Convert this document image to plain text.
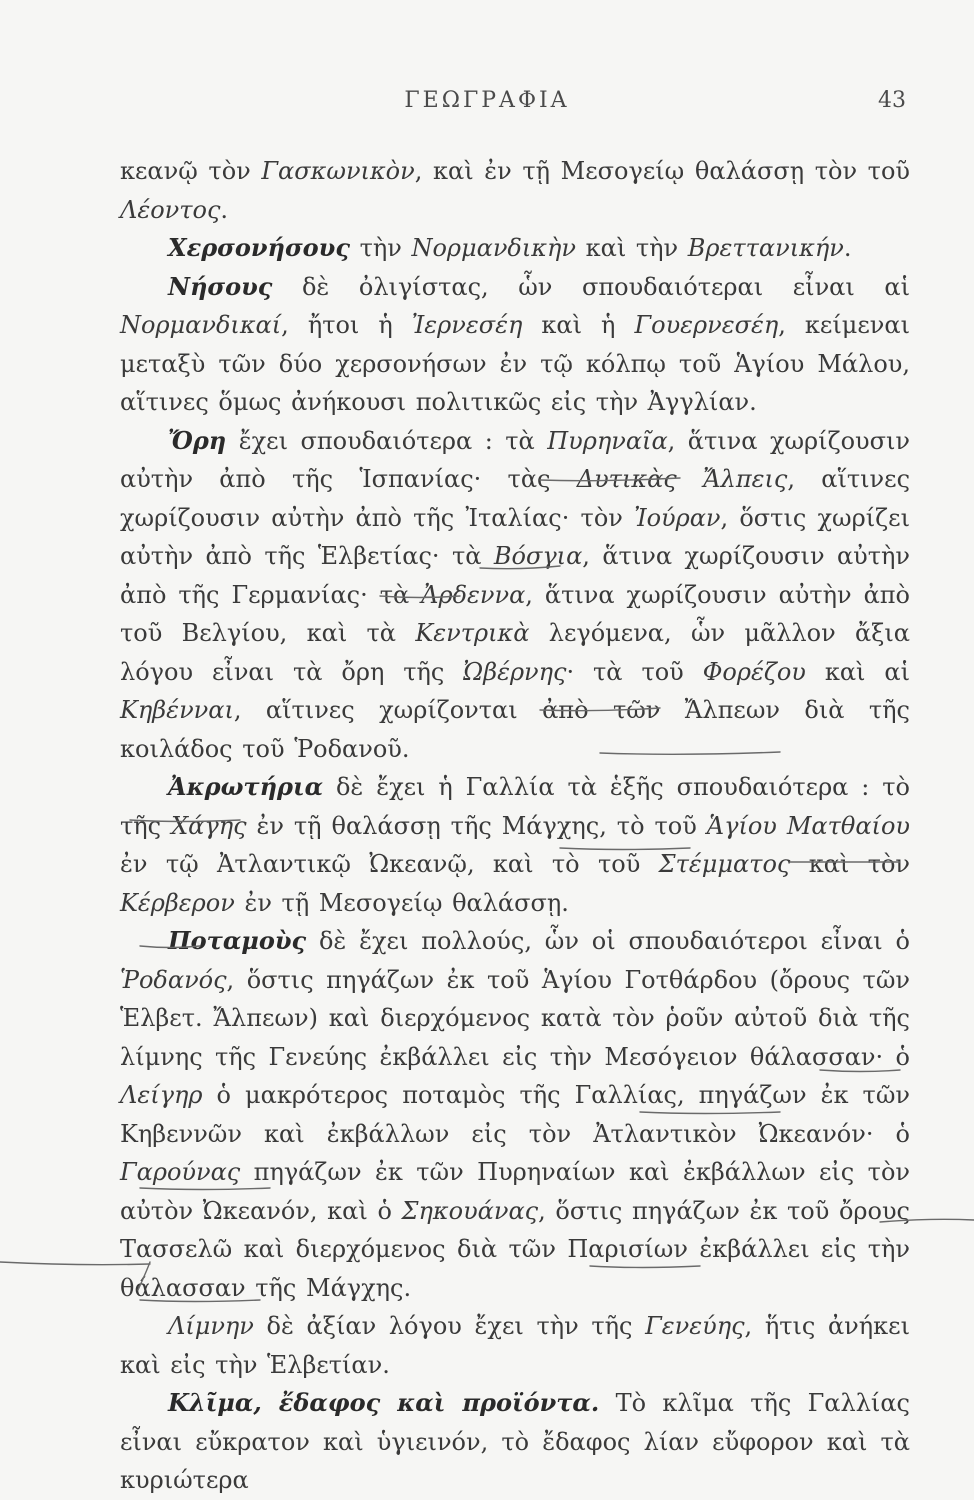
ΓΕΩΓΡΑΦΙΑ	43

κεανῷ τὸν Γασκωνικὸν, καὶ ἐν τῇ Μεσογείῳ θαλάσσῃ τὸν τοῦ Λέοντος.

Χερσονήσους τὴν Νορμανδικὴν καὶ τὴν Βρεττανικήν.

Νήσους δὲ ὀλιγίστας, ὧν σπουδαιότεραι εἶναι αἱ Νορμανδικαί, ἤτοι ἡ Ἰερνεσέη καὶ ἡ Γουερνεσέη, κείμεναι μεταξὺ τῶν δύο χερσονήσων ἐν τῷ κόλπῳ τοῦ Ἁγίου Μάλου, αἵτινες ὅμως ἀνήκουσι πολιτικῶς εἰς τὴν Ἀγγλίαν.

Ὄρη ἔχει σπουδαιότερα : τὰ Πυρηναῖα, ἅτινα χωρίζουσιν αὐτὴν ἀπὸ τῆς Ἱσπανίας· τὰς Δυτικὰς Ἄλπεις, αἵτινες χωρίζουσιν αὐτὴν ἀπὸ τῆς Ἰταλίας· τὸν Ἰούραν, ὅστις χωρίζει αὐτὴν ἀπὸ τῆς Ἑλβετίας· τὰ Βόσγια, ἅτινα χωρίζουσιν αὐτὴν ἀπὸ τῆς Γερμανίας· τὰ Ἀρδεννα, ἅτινα χωρίζουσιν αὐτὴν ἀπὸ τοῦ Βελγίου, καὶ τὰ Κεντρικὰ λεγόμενα, ὧν μᾶλλον ἄξια λόγου εἶναι τὰ ὄρη τῆς Ὠβέρνης· τὰ τοῦ Φορέζου καὶ αἱ Κηβένναι, αἵτινες χωρίζονται ἀπὸ τῶν Ἄλπεων διὰ τῆς κοιλάδος τοῦ Ῥοδανοῦ.

Ἀκρωτήρια δὲ ἔχει ἡ Γαλλία τὰ ἑξῆς σπουδαιότερα : τὸ τῆς Χάγης ἐν τῇ θαλάσσῃ τῆς Μάγχης, τὸ τοῦ Ἁγίου Ματθαίου ἐν τῷ Ἀτλαντικῷ Ὠκεανῷ, καὶ τὸ τοῦ Στέμματος καὶ τὸν Κέρβερον ἐν τῇ Μεσογείῳ θαλάσσῃ.

Ποταμοὺς δὲ ἔχει πολλούς, ὧν οἱ σπουδαιότεροι εἶναι ὁ Ῥοδανός, ὅστις πηγάζων ἐκ τοῦ Ἁγίου Γοτθάρδου (ὄρους τῶν Ἑλβετ. Ἄλπεων) καὶ διερχόμενος κατὰ τὸν ῥοῦν αὐτοῦ διὰ τῆς λίμνης τῆς Γενεύης ἐκβάλλει εἰς τὴν Μεσόγειον θάλασσαν· ὁ Λείγηρ ὁ μακρότερος ποταμὸς τῆς Γαλλίας, πηγάζων ἐκ τῶν Κηβεννῶν καὶ ἐκβάλλων εἰς τὸν Ἀτλαντικὸν Ὠκεανόν· ὁ Γαρούνας πηγάζων ἐκ τῶν Πυρηναίων καὶ ἐκβάλλων εἰς τὸν αὐτὸν Ὠκεανόν, καὶ ὁ Σηκουάνας, ὅστις πηγάζων ἐκ τοῦ ὄρους Τασσελῶ καὶ διερχόμενος διὰ τῶν Παρισίων ἐκβάλλει εἰς τὴν θάλασσαν τῆς Μάγχης.

Λίμνην δὲ ἀξίαν λόγου ἔχει τὴν τῆς Γενεύης, ἥτις ἀνήκει καὶ εἰς τὴν Ἑλβετίαν.

Κλῖμα, ἔδαφος καὶ προϊόντα. Τὸ κλῖμα τῆς Γαλλίας εἶναι εὔκρατον καὶ ὑγιεινόν, τὸ ἔδαφος λίαν εὔφορον καὶ τὰ κυριώτερα
